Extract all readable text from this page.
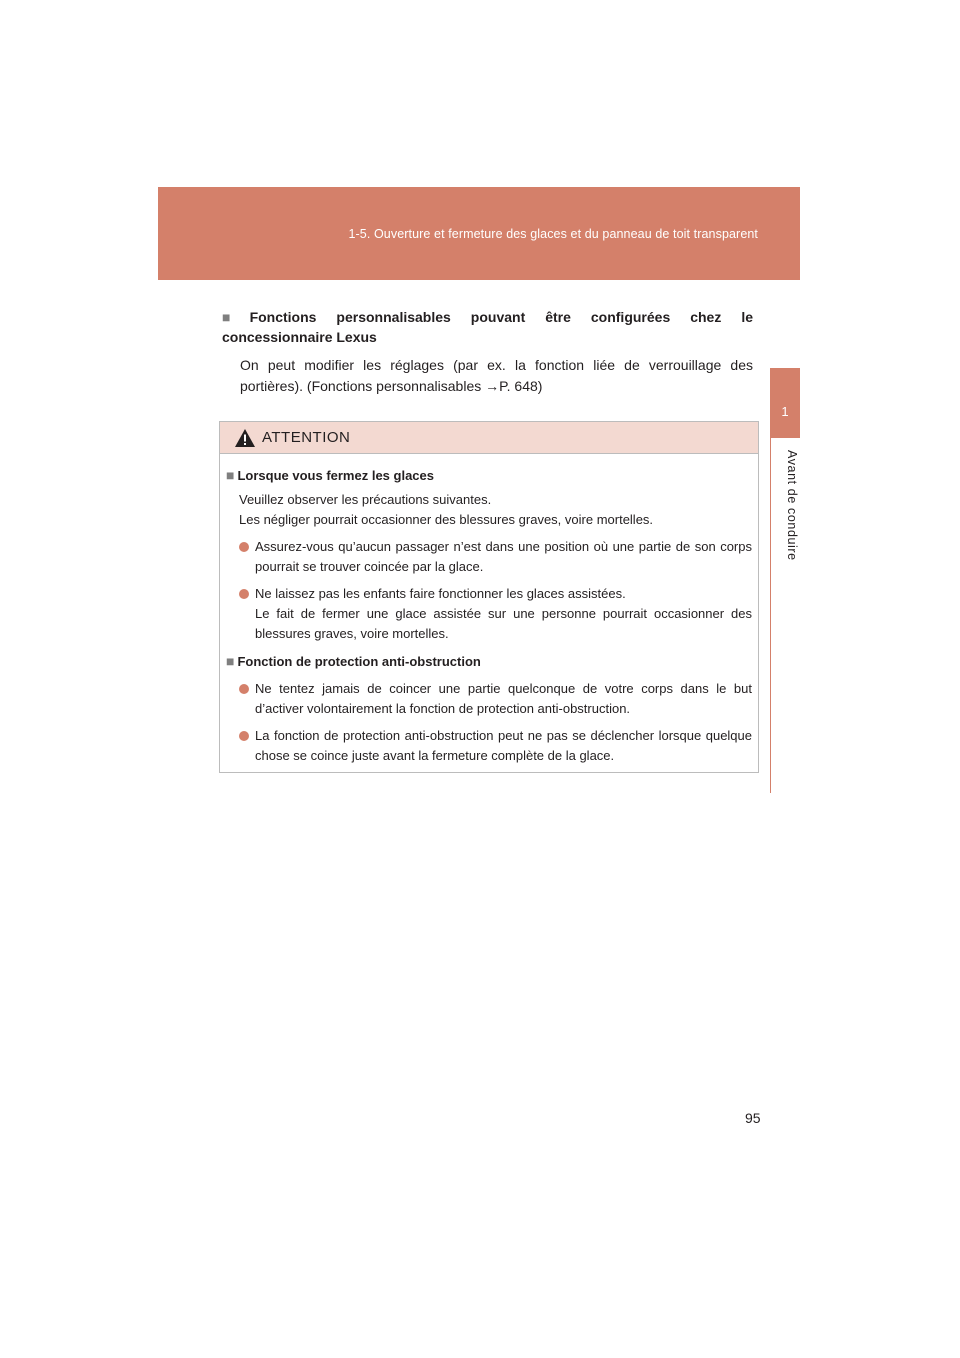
1-5. Ouverture et fermeture des glaces et du panneau de toit transparent
1
Avant de conduire

■ Fonctions personnalisables pouvant être configurées chez le concessionnaire Lexus

On peut modifier les réglages (par ex. la fonction liée de verrouillage des portières). (Fonctions personnalisables →P. 648)
ATTENTION

■ Lorsque vous fermez les glaces

Veuillez observer les précautions suivantes.
Les négliger pourrait occasionner des blessures graves, voire mortelles.
Assurez-vous qu’aucun passager n’est dans une position où une partie de son corps pourrait se trouver coincée par la glace.
Ne laissez pas les enfants faire fonctionner les glaces assistées.
Le fait de fermer une glace assistée sur une personne pourrait occasionner des blessures graves, voire mortelles.

■ Fonction de protection anti-obstruction

Ne tentez jamais de coincer une partie quelconque de votre corps dans le but d’activer volontairement la fonction de protection anti-obstruction.
La fonction de protection anti-obstruction peut ne pas se déclencher lorsque quelque chose se coince juste avant la fermeture complète de la glace.
95
